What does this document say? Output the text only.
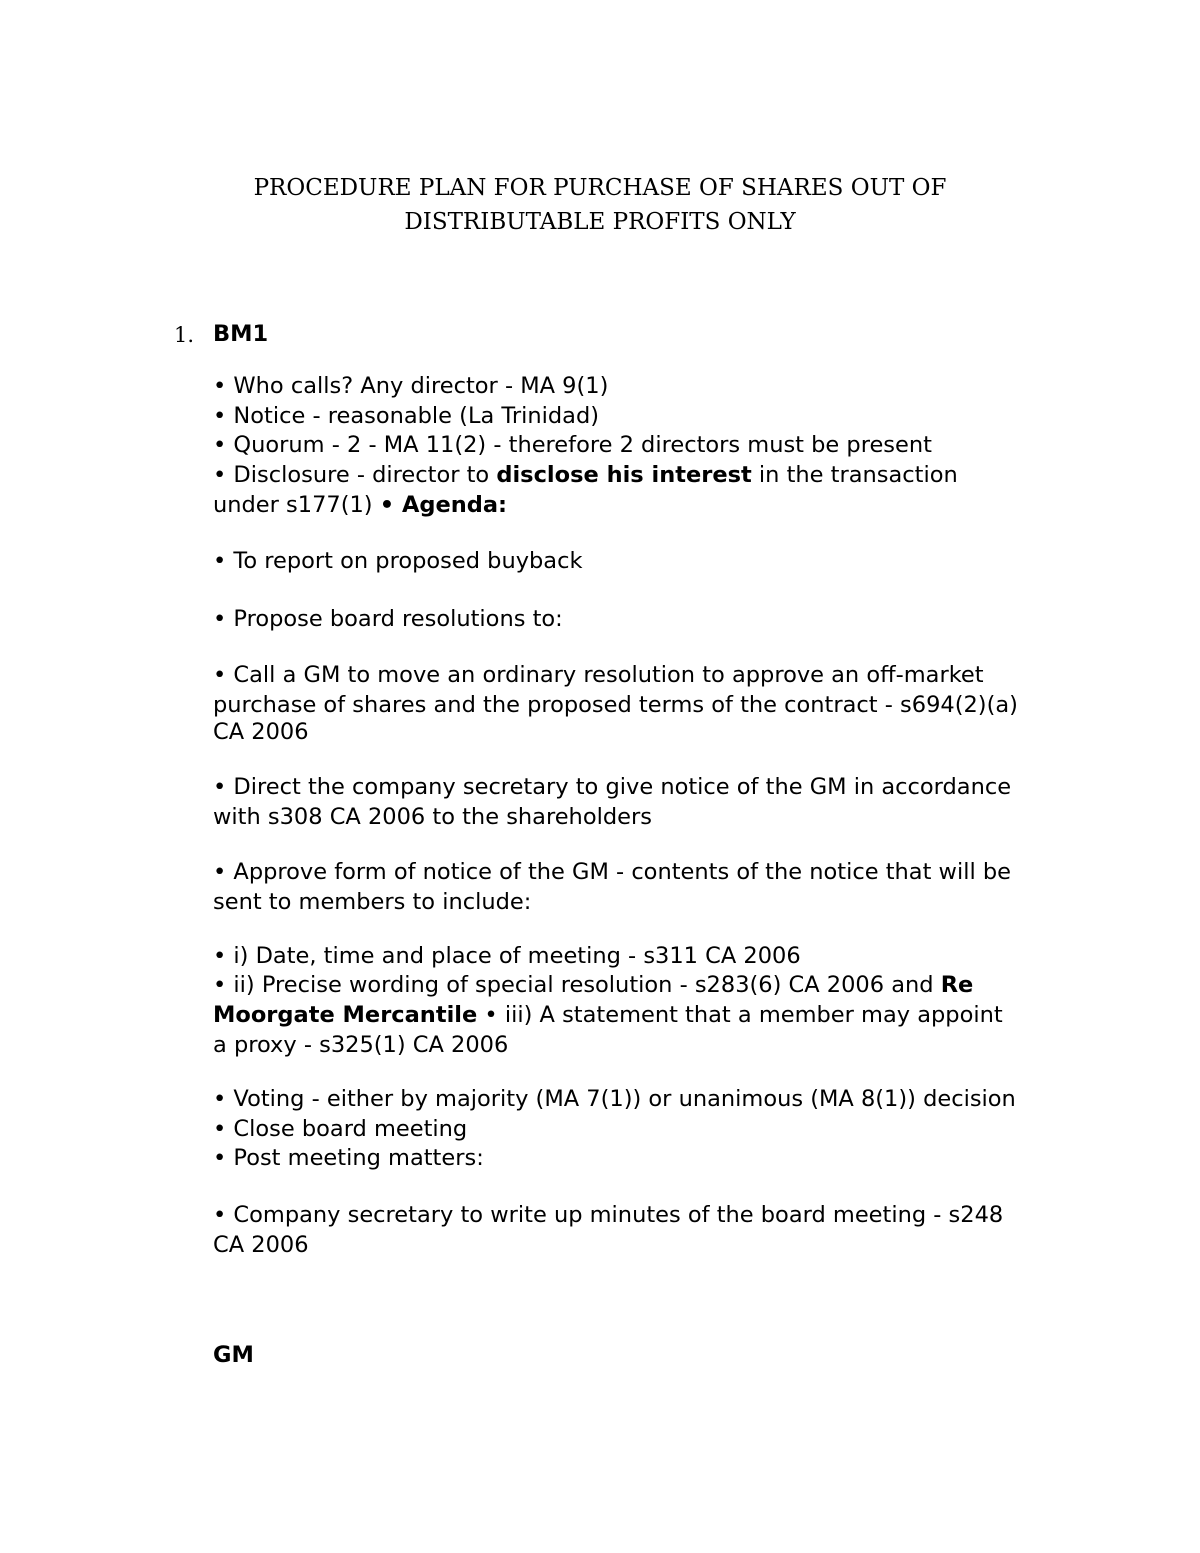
PROCEDURE PLAN FOR PURCHASE OF SHARES OUT OF
DISTRIBUTABLE PROFITS ONLY
1. BM1
• Who calls? Any director - MA 9(1)
• Notice - reasonable (La Trinidad)
• Quorum - 2 - MA 11(2) - therefore 2 directors must be present
• Disclosure - director to disclose his interest in the transaction
under s177(1) • Agenda:
• To report on proposed buyback
• Propose board resolutions to:
• Call a GM to move an ordinary resolution to approve an off-market
purchase of shares and the proposed terms of the contract - s694(2)(a)
CA 2006
• Direct the company secretary to give notice of the GM in accordance
with s308 CA 2006 to the shareholders
• Approve form of notice of the GM - contents of the notice that will be
sent to members to include:
• i) Date, time and place of meeting - s311 CA 2006
• ii) Precise wording of special resolution - s283(6) CA 2006 and Re
Moorgate Mercantile • iii) A statement that a member may appoint
a proxy - s325(1) CA 2006
• Voting - either by majority (MA 7(1)) or unanimous (MA 8(1)) decision
• Close board meeting
• Post meeting matters:
• Company secretary to write up minutes of the board meeting - s248
CA 2006
GM
